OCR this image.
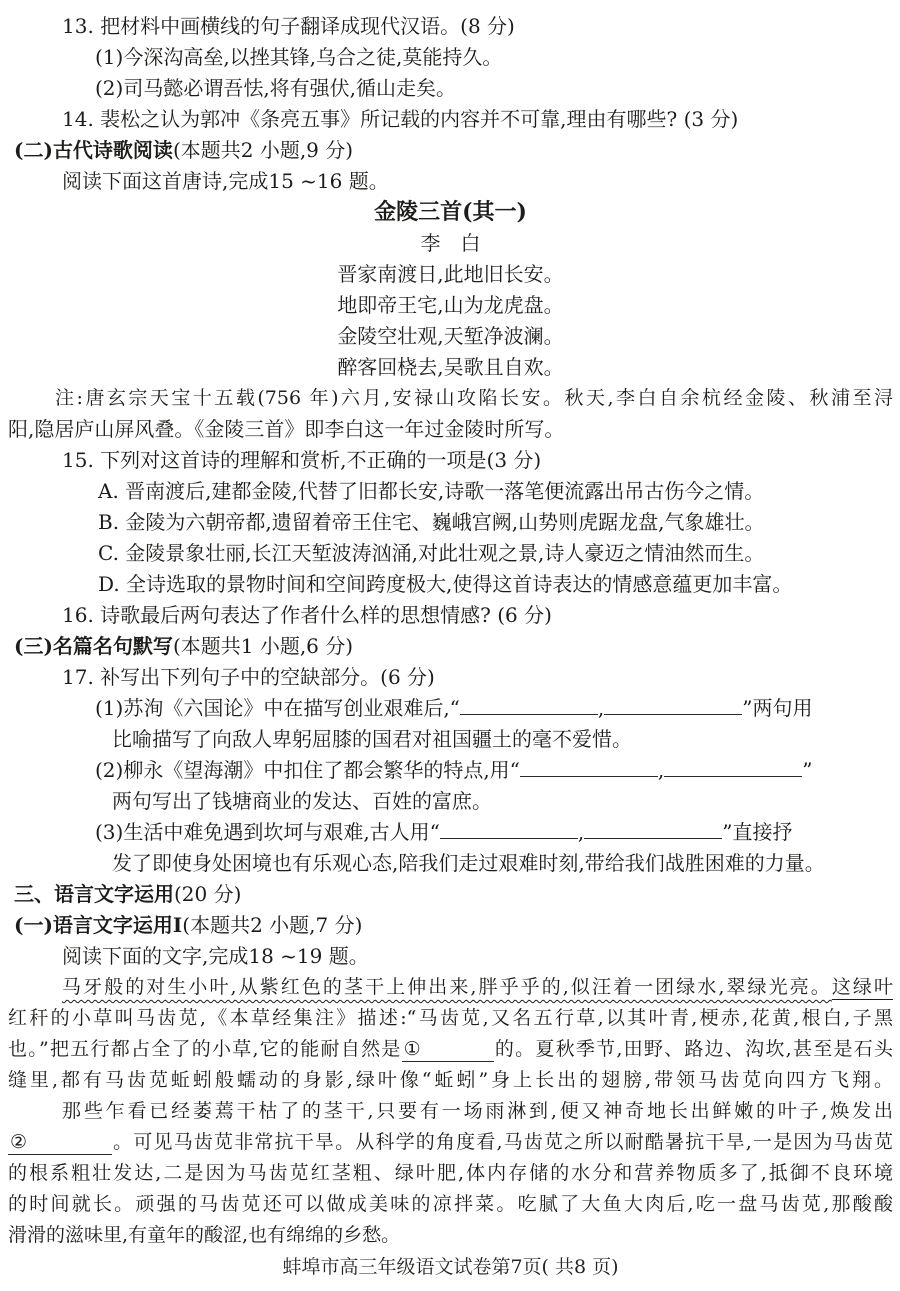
13. 把材料中画横线的句子翻译成现代汉语。(8 分)
(1)今深沟高垒,以挫其锋,乌合之徒,莫能持久。
(2)司马懿必谓吾怯,将有强伏,循山走矣。
14. 裴松之认为郭冲《条亮五事》所记载的内容并不可靠,理由有哪些? (3 分)
(二)古代诗歌阅读(本题共2 小题,9 分)
阅读下面这首唐诗,完成15 ~16 题。
金陵三首(其一)
李　白
晋家南渡日,此地旧长安。
地即帝王宅,山为龙虎盘。
金陵空壮观,天堑净波澜。
醉客回桡去,吴歌且自欢。
注:唐玄宗天宝十五载(756 年)六月,安禄山攻陷长安。秋天,李白自余杭经金陵、秋浦至浔
阳,隐居庐山屏风叠。《金陵三首》即李白这一年过金陵时所写。
15. 下列对这首诗的理解和赏析,不正确的一项是(3 分)
A. 晋南渡后,建都金陵,代替了旧都长安,诗歌一落笔便流露出吊古伤今之情。
B. 金陵为六朝帝都,遗留着帝王住宅、巍峨宫阙,山势则虎踞龙盘,气象雄壮。
C. 金陵景象壮丽,长江天堑波涛汹涌,对此壮观之景,诗人豪迈之情油然而生。
D. 全诗选取的景物时间和空间跨度极大,使得这首诗表达的情感意蕴更加丰富。
16. 诗歌最后两句表达了作者什么样的思想情感? (6 分)
(三)名篇名句默写(本题共1 小题,6 分)
17. 补写出下列句子中的空缺部分。(6 分)
(1)苏洵《六国论》中在描写创业艰难后,“	,	”两句用
比喻描写了向敌人卑躬屈膝的国君对祖国疆土的毫不爱惜。
(2)柳永《望海潮》中扣住了都会繁华的特点,用“	,	”
两句写出了钱塘商业的发达、百姓的富庶。
(3)生活中难免遇到坎坷与艰难,古人用“	,	”直接抒
发了即使身处困境也有乐观心态,陪我们走过艰难时刻,带给我们战胜困难的力量。
三、语言文字运用(20 分)
(一)语言文字运用Ⅰ(本题共2 小题,7 分)
阅读下面的文字,完成18 ~19 题。
马牙般的对生小叶,从紫红色的茎干上伸出来,胖乎乎的,似汪着一团绿水,翠绿光亮。这绿叶
红秆的小草叫马齿苋,《本草经集注》描述:“马齿苋,又名五行草,以其叶青,梗赤,花黄,根白,子黑
也。”把五行都占全了的小草,它的能耐自然是 ①	的。夏秋季节,田野、路边、沟坎,甚至是石头
缝里,都有马齿苋蚯蚓般蠕动的身影,绿叶像“蚯蚓”身上长出的翅膀,带领马齿苋向四方飞翔。
那些乍看已经萎蔫干枯了的茎干,只要有一场雨淋到,便又神奇地长出鲜嫩的叶子,焕发出
②	。可见马齿苋非常抗干旱。从科学的角度看,马齿苋之所以耐酷暑抗干旱,一是因为马齿苋
的根系粗壮发达,二是因为马齿苋红茎粗、绿叶肥,体内存储的水分和营养物质多了,抵御不良环境
的时间就长。顽强的马齿苋还可以做成美味的凉拌菜。吃腻了大鱼大肉后,吃一盘马齿苋,那酸酸
滑滑的滋味里,有童年的酸涩,也有绵绵的乡愁。
蚌埠市高三年级语文试卷第7页( 共8 页)
